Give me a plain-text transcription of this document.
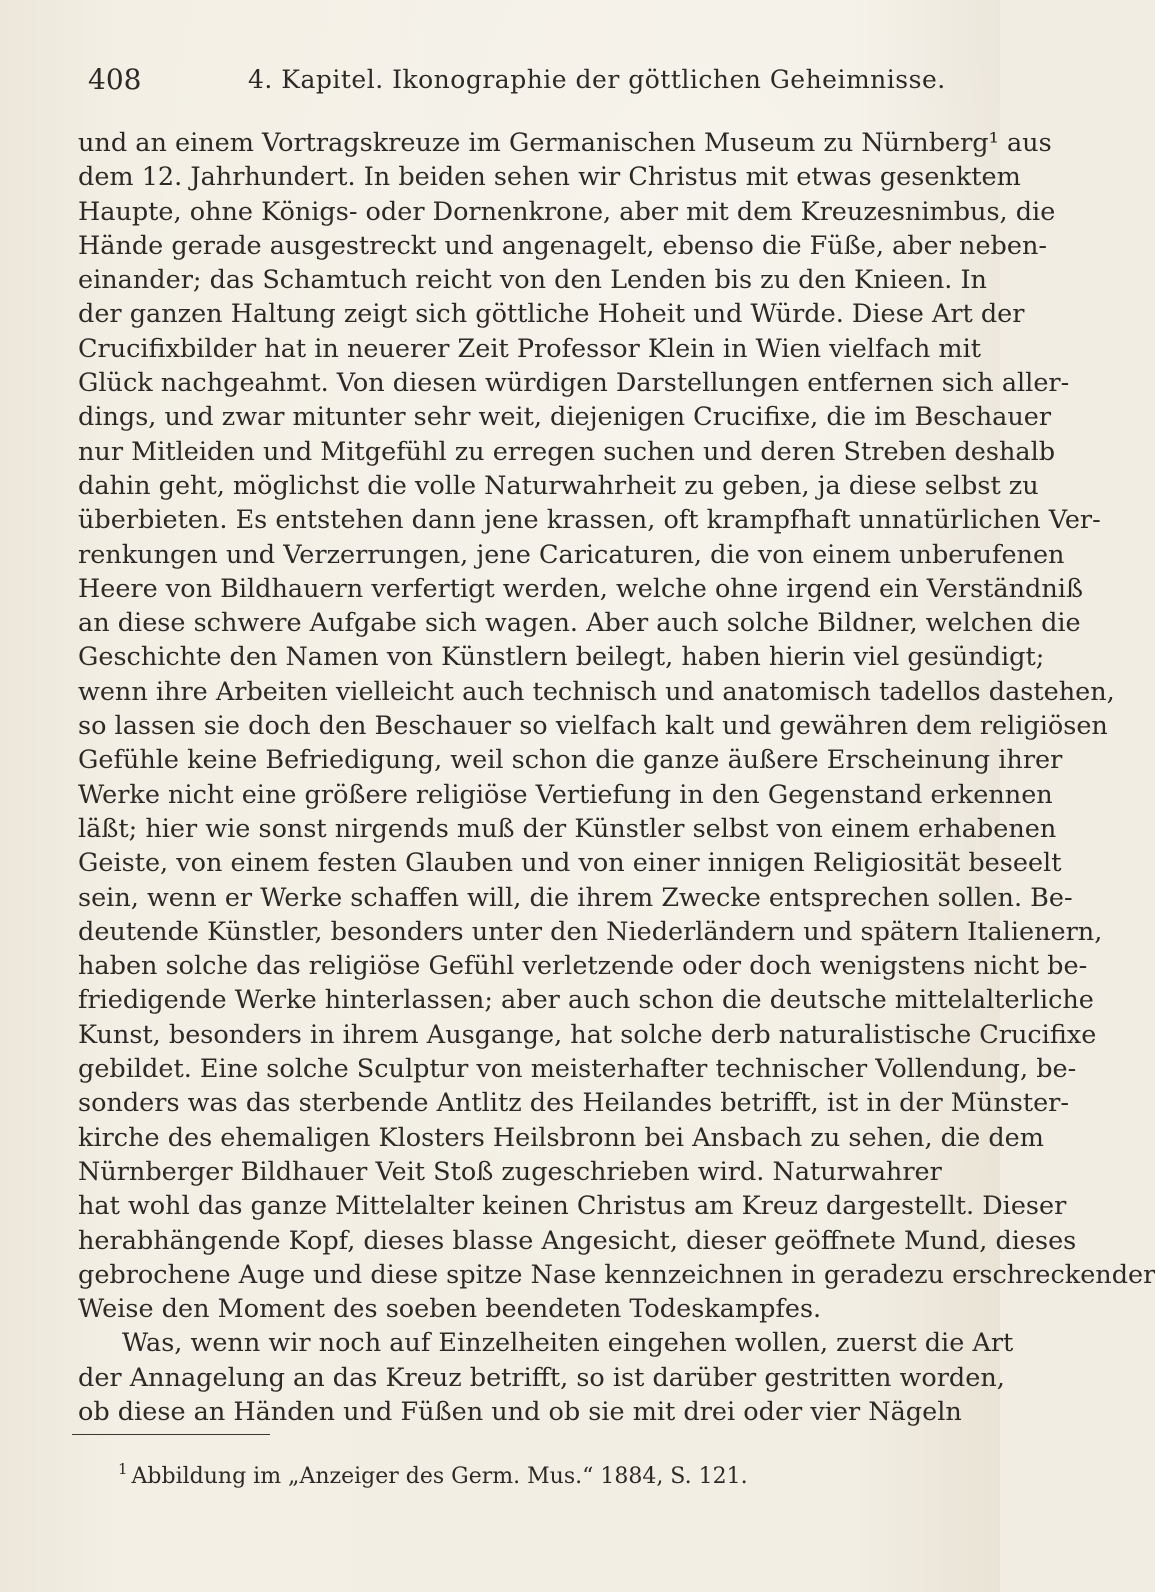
408	4. Kapitel. Ikonographie der göttlichen Geheimnisse.
und an einem Vortragskreuze im Germanischen Museum zu Nürnberg¹ aus
dem 12. Jahrhundert. In beiden sehen wir Christus mit etwas gesenktem
Haupte, ohne Königs- oder Dornenkrone, aber mit dem Kreuzesnimbus, die
Hände gerade ausgestreckt und angenagelt, ebenso die Füße, aber neben-
einander; das Schamtuch reicht von den Lenden bis zu den Knieen. In
der ganzen Haltung zeigt sich göttliche Hoheit und Würde. Diese Art der
Crucifixbilder hat in neuerer Zeit Professor Klein in Wien vielfach mit
Glück nachgeahmt. Von diesen würdigen Darstellungen entfernen sich aller-
dings, und zwar mitunter sehr weit, diejenigen Crucifixe, die im Beschauer
nur Mitleiden und Mitgefühl zu erregen suchen und deren Streben deshalb
dahin geht, möglichst die volle Naturwahrheit zu geben, ja diese selbst zu
überbieten. Es entstehen dann jene krassen, oft krampfhaft unnatürlichen Ver-
renkungen und Verzerrungen, jene Caricaturen, die von einem unberufenen
Heere von Bildhauern verfertigt werden, welche ohne irgend ein Verständniß
an diese schwere Aufgabe sich wagen. Aber auch solche Bildner, welchen die
Geschichte den Namen von Künstlern beilegt, haben hierin viel gesündigt;
wenn ihre Arbeiten vielleicht auch technisch und anatomisch tadellos dastehen,
so lassen sie doch den Beschauer so vielfach kalt und gewähren dem religiösen
Gefühle keine Befriedigung, weil schon die ganze äußere Erscheinung ihrer
Werke nicht eine größere religiöse Vertiefung in den Gegenstand erkennen
läßt; hier wie sonst nirgends muß der Künstler selbst von einem erhabenen
Geiste, von einem festen Glauben und von einer innigen Religiosität beseelt
sein, wenn er Werke schaffen will, die ihrem Zwecke entsprechen sollen. Be-
deutende Künstler, besonders unter den Niederländern und spätern Italienern,
haben solche das religiöse Gefühl verletzende oder doch wenigstens nicht be-
friedigende Werke hinterlassen; aber auch schon die deutsche mittelalterliche
Kunst, besonders in ihrem Ausgange, hat solche derb naturalistische Crucifixe
gebildet. Eine solche Sculptur von meisterhafter technischer Vollendung, be-
sonders was das sterbende Antlitz des Heilandes betrifft, ist in der Münster-
kirche des ehemaligen Klosters Heilsbronn bei Ansbach zu sehen, die dem
Nürnberger Bildhauer Veit Stoß zugeschrieben wird. Naturwahrer
hat wohl das ganze Mittelalter keinen Christus am Kreuz dargestellt. Dieser
herabhängende Kopf, dieses blasse Angesicht, dieser geöffnete Mund, dieses
gebrochene Auge und diese spitze Nase kennzeichnen in geradezu erschreckender
Weise den Moment des soeben beendeten Todeskampfes.
Was, wenn wir noch auf Einzelheiten eingehen wollen, zuerst die Art
der Annagelung an das Kreuz betrifft, so ist darüber gestritten worden,
ob diese an Händen und Füßen und ob sie mit drei oder vier Nägeln
$^1$ Abbildung im „Anzeiger des Germ. Mus.“ 1884, S. 121.
